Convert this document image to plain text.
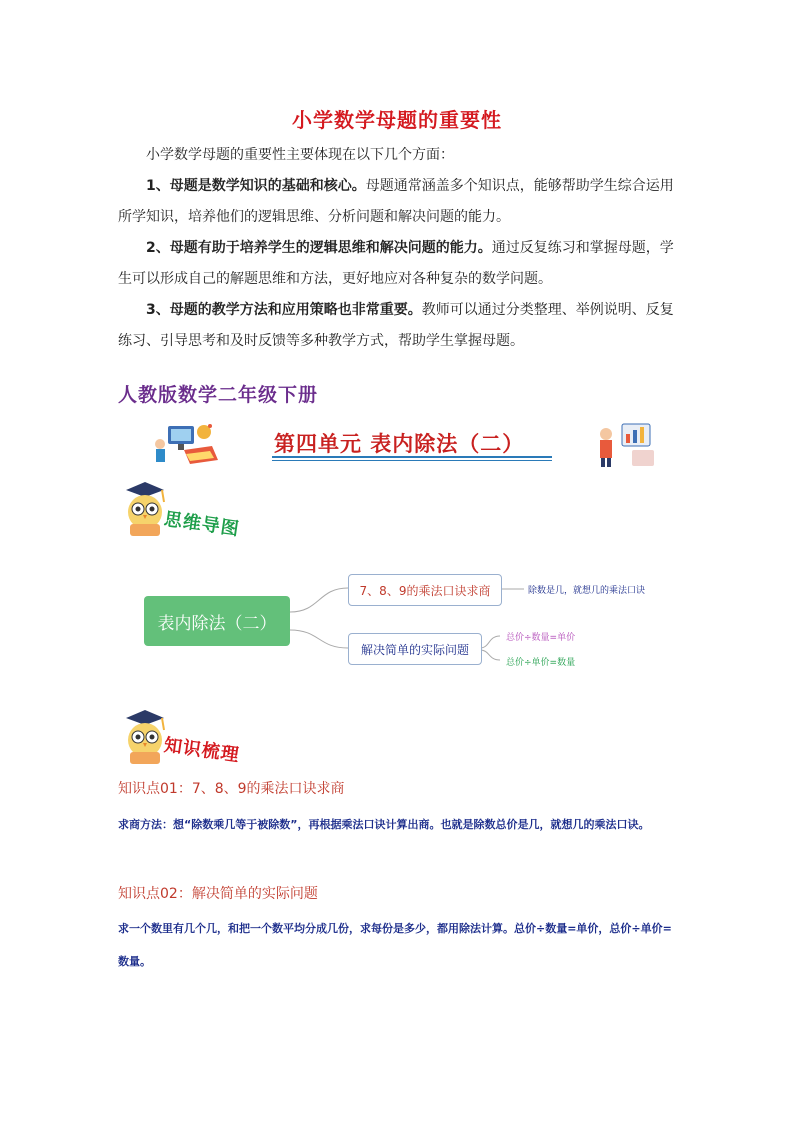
小学数学母题的重要性
小学数学母题的重要性主要体现在以下几个方面：
1、母题是数学知识的基础和核心。母题通常涵盖多个知识点，能够帮助学生综合运用所学知识，培养他们的逻辑思维、分析问题和解决问题的能力。
2、母题有助于培养学生的逻辑思维和解决问题的能力。通过反复练习和掌握母题，学生可以形成自己的解题思维和方法，更好地应对各种复杂的数学问题。
3、母题的教学方法和应用策略也非常重要。教师可以通过分类整理、举例说明、反复练习、引导思考和及时反馈等多种教学方式，帮助学生掌握母题。
人教版数学二年级下册
第四单元 表内除法（二）
思维导图
表内除法（二）
7、8、9的乘法口诀求商	除数是几，就想几的乘法口诀
解决简单的实际问题
总价÷数量=单价
总价÷单价=数量
知识梳理
知识点01：7、8、9的乘法口诀求商
求商方法：想“除数乘几等于被除数”，再根据乘法口诀计算出商。也就是除数总价是几，就想几的乘法口诀。
知识点02：解决简单的实际问题
求一个数里有几个几，和把一个数平均分成几份，求每份是多少，都用除法计算。总价÷数量=单价，总价÷单价=数量。
